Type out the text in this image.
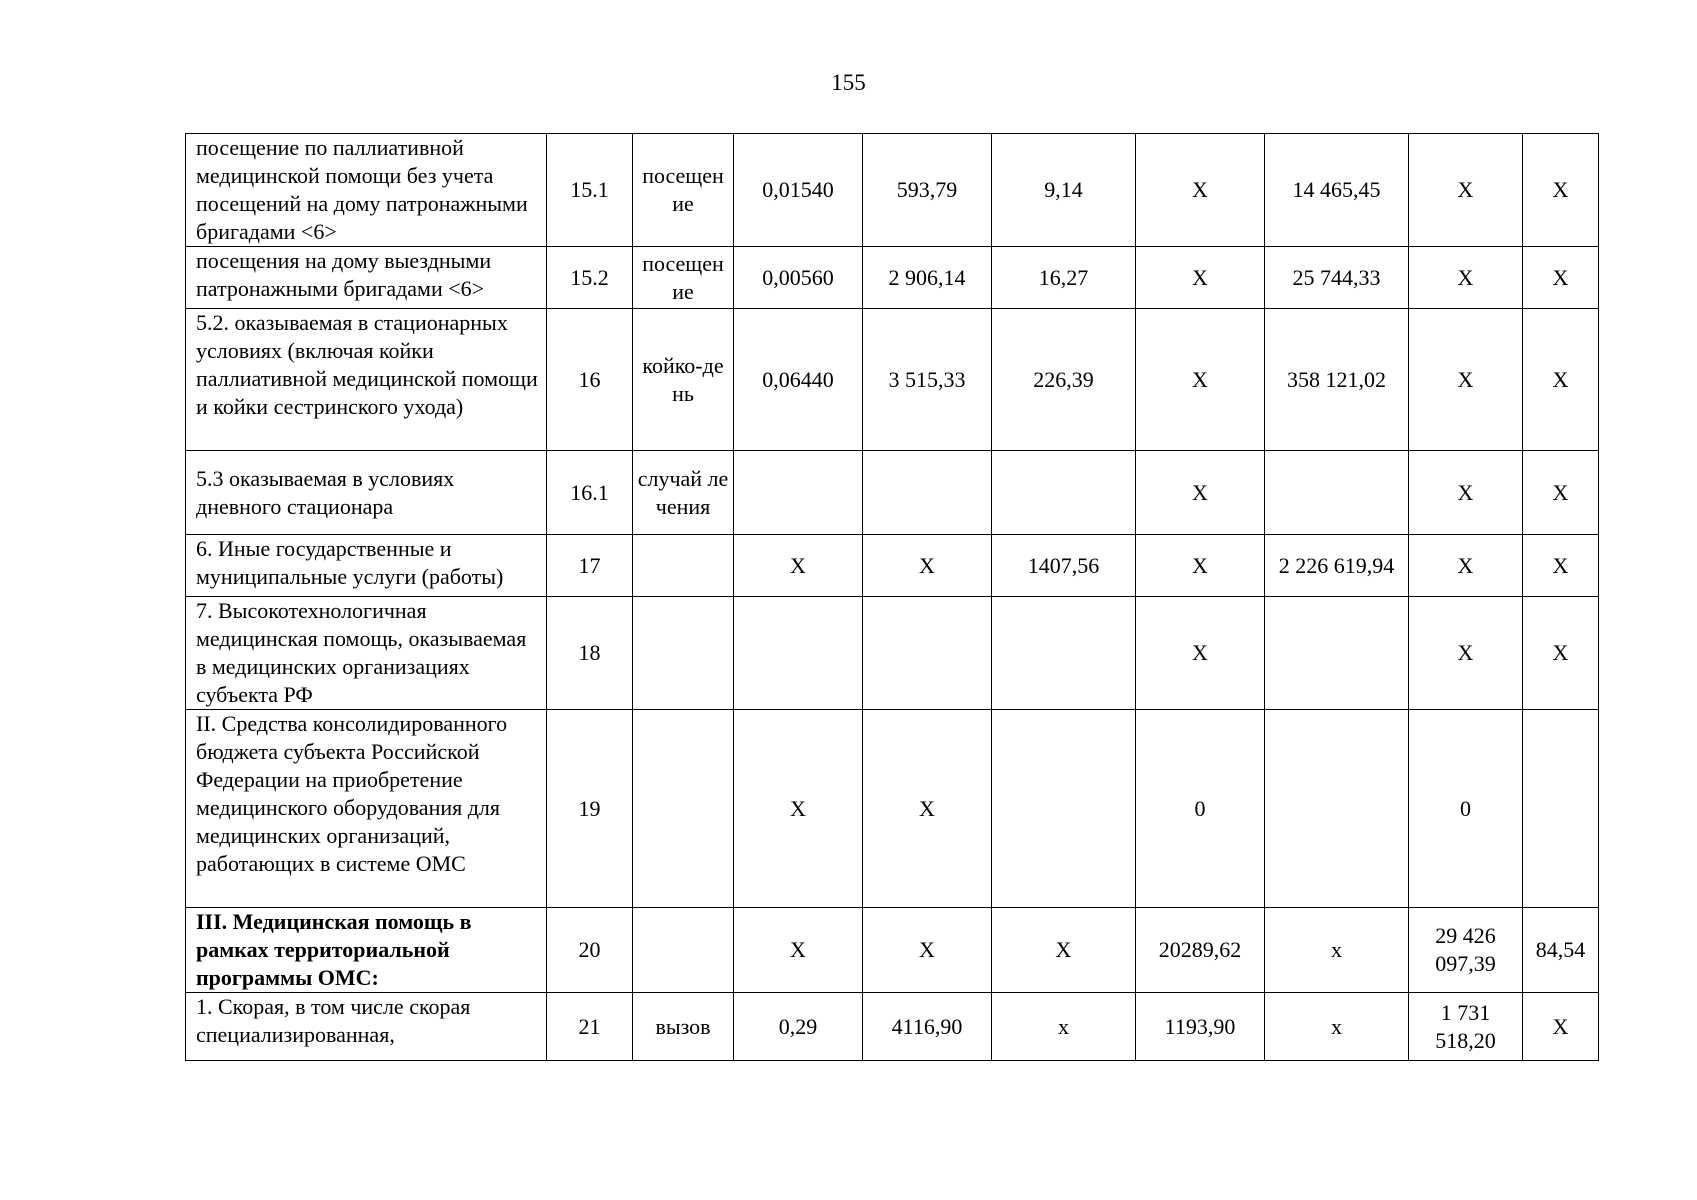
155
посещение по паллиативной медицинской помощи без учета посещений на дому патронажными бригадами <6>	15.1	посещение	0,01540	593,79	9,14	X	14 465,45	X	X
посещения на дому выездными патронажными бригадами <6>	15.2	посещение	0,00560	2 906,14	16,27	X	25 744,33	X	X
5.2. оказываемая в стационарных условиях (включая койки паллиативной медицинской помощи и койки сестринского ухода)	16	койко-день	0,06440	3 515,33	226,39	X	358 121,02	X	X
5.3 оказываемая в условиях дневного стационара	16.1	случай лечения				X		X	X
6. Иные государственные и муниципальные услуги (работы)	17		X	X	1407,56	X	2 226 619,94	X	X
7. Высокотехнологичная медицинская помощь, оказываемая в медицинских организациях субъекта РФ	18					X		X	X
II. Средства консолидированного бюджета субъекта Российской Федерации на приобретение медицинского оборудования для медицинских организаций, работающих в системе ОМС	19		X	X		0		0	
III. Медицинская помощь в рамках территориальной программы ОМС:	20		X	X	X	20289,62	x	29 426 097,39	84,54
1. Скорая, в том числе скорая специализированная,	21	вызов	0,29	4116,90	x	1193,90	x	1 731 518,20	X
